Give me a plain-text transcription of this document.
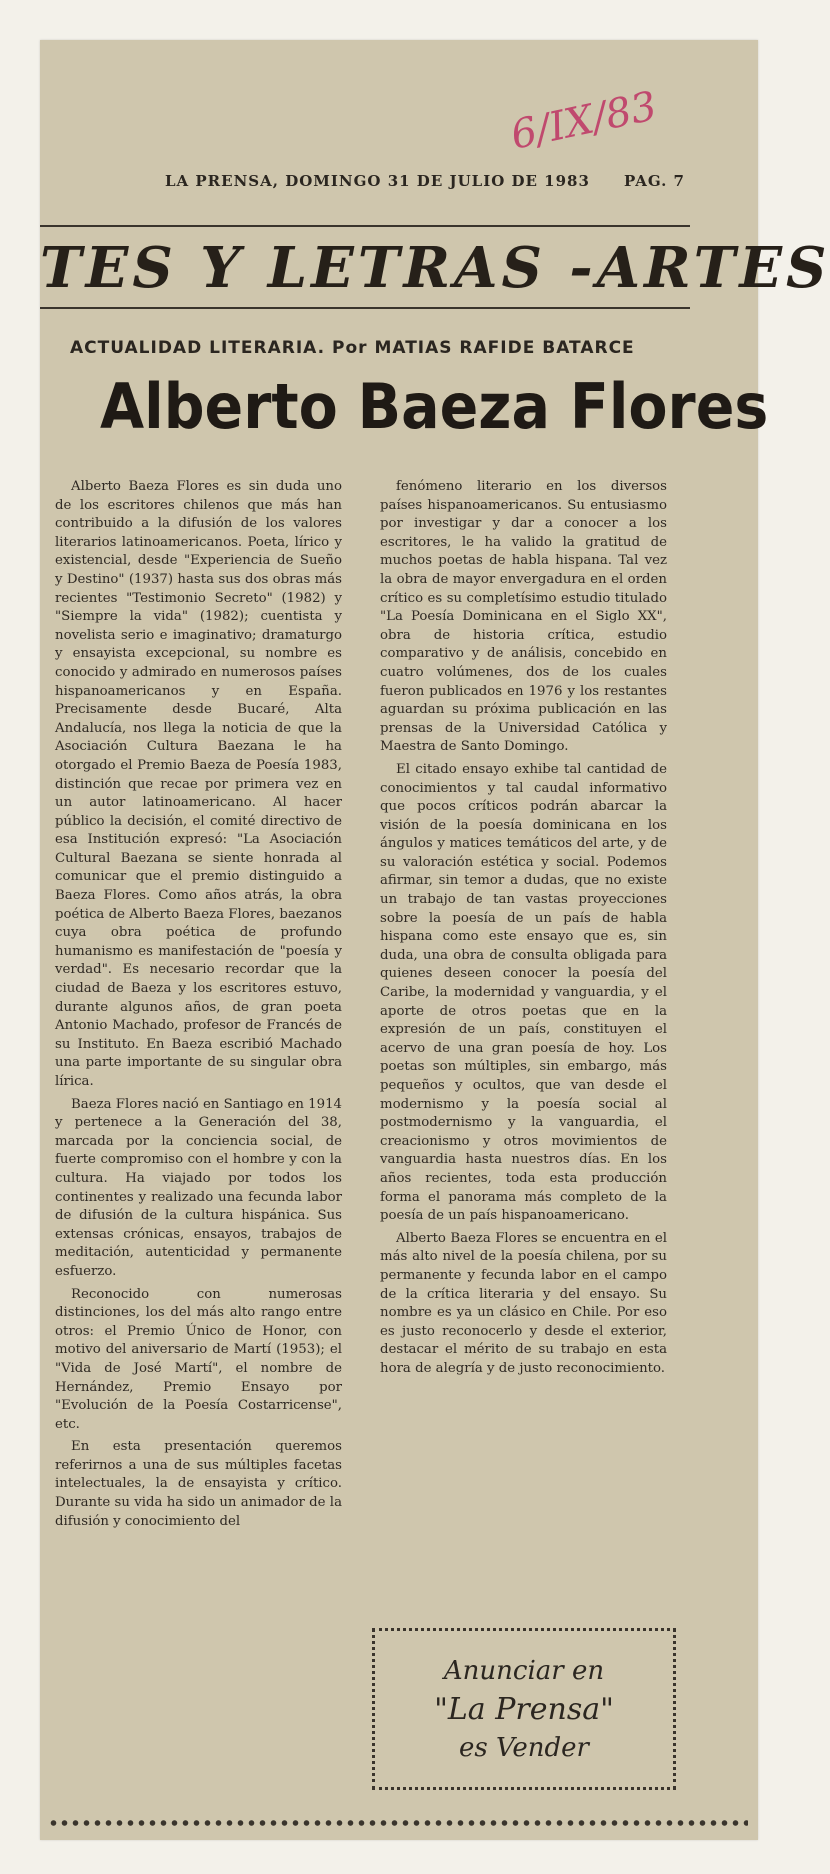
6/IX/83
LA PRENSA, DOMINGO 31 DE JULIO DE 1983 PAG. 7
TES Y LETRAS -ARTES
ACTUALIDAD LITERARIA. Por MATIAS RAFIDE BATARCE
Alberto Baeza Flores

Alberto Baeza Flores es sin duda uno de los escritores chilenos que más han contribuido a la difusión de los valores literarios latinoamericanos. Poeta, lírico y existencial, desde "Experiencia de Sueño y Destino" (1937) hasta sus dos obras más recientes "Testimonio Secreto" (1982) y "Siempre la vida" (1982); cuentista y novelista serio e imaginativo; dramaturgo y ensayista excepcional, su nombre es conocido y admirado en numerosos países hispanoamericanos y en España. Precisamente desde Bucaré, Alta Andalucía, nos llega la noticia de que la Asociación Cultura Baezana le ha otorgado el Premio Baeza de Poesía 1983, distinción que recae por primera vez en un autor latinoamericano. Al hacer público la decisión, el comité directivo de esa Institución expresó: "La Asociación Cultural Baezana se siente honrada al comunicar que el premio distinguido a Baeza Flores. Como años atrás, la obra poética de Alberto Baeza Flores, baezanos cuya obra poética de profundo humanismo es manifestación de "poesía y verdad". Es necesario recordar que la ciudad de Baeza y los escritores estuvo, durante algunos años, de gran poeta Antonio Machado, profesor de Francés de su Instituto. En Baeza escribió Machado una parte importante de su singular obra lírica.

Baeza Flores nació en Santiago en 1914 y pertenece a la Generación del 38, marcada por la conciencia social, de fuerte compromiso con el hombre y con la cultura. Ha viajado por todos los continentes y realizado una fecunda labor de difusión de la cultura hispánica. Sus extensas crónicas, ensayos, trabajos de meditación, autenticidad y permanente esfuerzo.

Reconocido con numerosas distinciones, los del más alto rango entre otros: el Premio Único de Honor, con motivo del aniversario de Martí (1953); el "Vida de José Martí", el nombre de Hernández, Premio Ensayo por "Evolución de la Poesía Costarricense", etc.

En esta presentación queremos referirnos a una de sus múltiples facetas intelectuales, la de ensayista y crítico. Durante su vida ha sido un animador de la difusión y conocimiento del

fenómeno literario en los diversos países hispanoamericanos. Su entusiasmo por investigar y dar a conocer a los escritores, le ha valido la gratitud de muchos poetas de habla hispana. Tal vez la obra de mayor envergadura en el orden crítico es su completísimo estudio titulado "La Poesía Dominicana en el Siglo XX", obra de historia crítica, estudio comparativo y de análisis, concebido en cuatro volúmenes, dos de los cuales fueron publicados en 1976 y los restantes aguardan su próxima publicación en las prensas de la Universidad Católica y Maestra de Santo Domingo.

El citado ensayo exhibe tal cantidad de conocimientos y tal caudal informativo que pocos críticos podrán abarcar la visión de la poesía dominicana en los ángulos y matices temáticos del arte, y de su valoración estética y social. Podemos afirmar, sin temor a dudas, que no existe un trabajo de tan vastas proyecciones sobre la poesía de un país de habla hispana como este ensayo que es, sin duda, una obra de consulta obligada para quienes deseen conocer la poesía del Caribe, la modernidad y vanguardia, y el aporte de otros poetas que en la expresión de un país, constituyen el acervo de una gran poesía de hoy. Los poetas son múltiples, sin embargo, más pequeños y ocultos, que van desde el modernismo y la poesía social al postmodernismo y la vanguardia, el creacionismo y otros movimientos de vanguardia hasta nuestros días. En los años recientes, toda esta producción forma el panorama más completo de la poesía de un país hispanoamericano.

Alberto Baeza Flores se encuentra en el más alto nivel de la poesía chilena, por su permanente y fecunda labor en el campo de la crítica literaria y del ensayo. Su nombre es ya un clásico en Chile. Por eso es justo reconocerlo y desde el exterior, destacar el mérito de su trabajo en esta hora de alegría y de justo reconocimiento.

Anunciar en
"La Prensa"
es Vender
